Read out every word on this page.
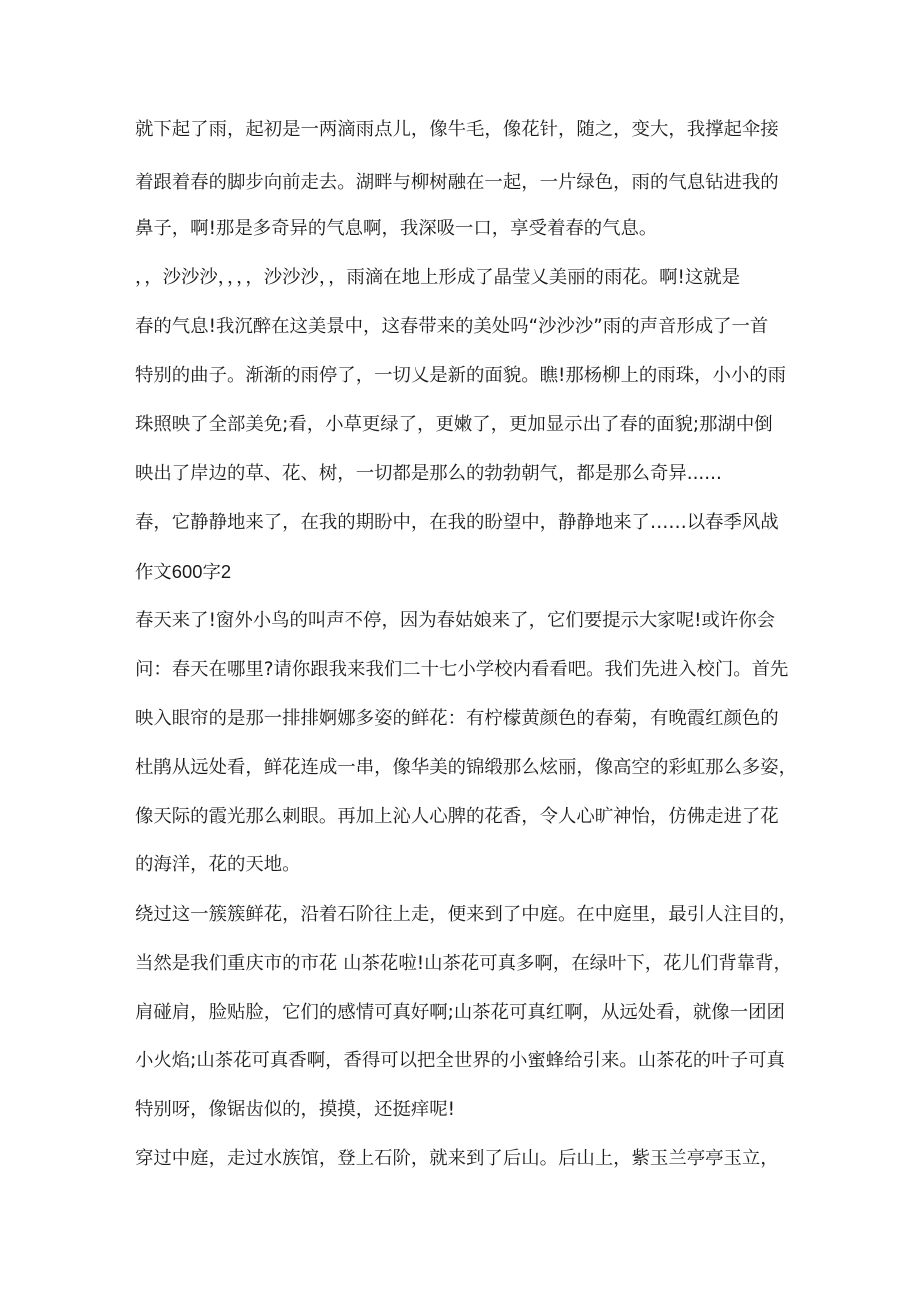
就下起了雨，起初是一两滴雨点儿，像牛毛，像花针，随之，变大，我撑起伞接

着跟着春的脚步向前走去。湖畔与柳树融在一起，一片绿色，雨的气息钻进我的

鼻子，啊!那是多奇异的气息啊，我深吸一口，享受着春的气息。

，，沙沙沙，，，，沙沙沙，，雨滴在地上形成了晶莹乂美丽的雨花。啊!这就是

春的气息!我沉醉在这美景中，这春带来的美处吗“沙沙沙”雨的声音形成了一首

特别的曲子。渐渐的雨停了，一切乂是新的面貌。瞧!那杨柳上的雨珠，小小的雨

珠照映了全部美免;看，小草更绿了，更嫩了，更加显示出了春的面貌;那湖中倒

映出了岸边的草、花、树，一切都是那么的勃勃朝气，都是那么奇异......

春，它静静地来了，在我的期盼中，在我的盼望中，静静地来了……以春季风战

作文600字2

春天来了!窗外小鸟的叫声不停，因为春姑娘来了，它们要提示大家呢!或许你会

问：春天在哪里?请你跟我来我们二十七小学校内看看吧。我们先进入校门。首先

映入眼帘的是那一排排婀娜多姿的鲜花：有柠檬黄颜色的春菊，有晚霞红颜色的

杜鹃从远处看，鲜花连成一串，像华美的锦缎那么炫丽，像高空的彩虹那么多姿，

像天际的霞光那么刺眼。再加上沁人心脾的花香，令人心旷神怡，仿佛走进了花

的海洋，花的天地。

绕过这一簇簇鲜花，沿着石阶往上走，便来到了中庭。在中庭里，最引人注目的，

当然是我们重庆市的市花 山茶花啦!山茶花可真多啊，在绿叶下，花儿们背靠背，

肩碰肩，脸贴脸，它们的感情可真好啊;山茶花可真红啊，从远处看，就像一团团

小火焰;山茶花可真香啊，香得可以把全世界的小蜜蜂给引来。山茶花的叶子可真

特别呀，像锯齿似的，摸摸，还挺痒呢!

穿过中庭，走过水族馆，登上石阶，就来到了后山。后山上，紫玉兰亭亭玉立，
